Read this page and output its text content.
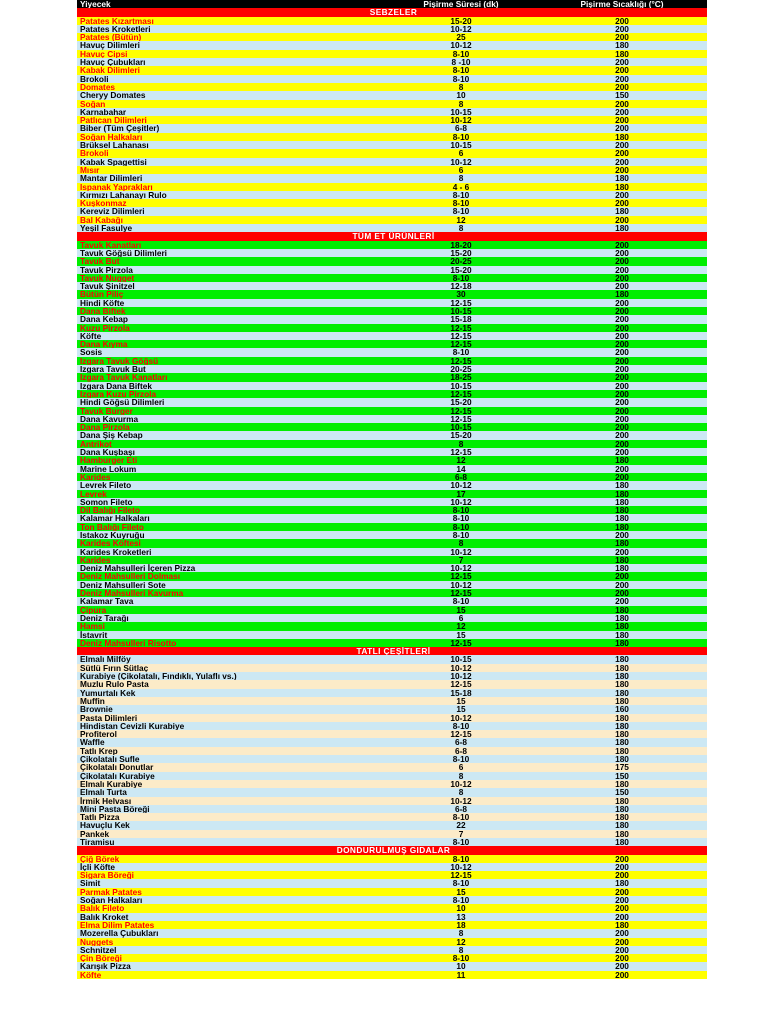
Yiyecek	Pişirme Süresi (dk)	Pişirme Sıcaklığı (°C)
SEBZELER		
Patates Kızartması	15-20	200
Patates Kroketleri	10-12	200
Patates (Bütün)	25	200
Havuç Dilimleri	10-12	180
Havuç Cipsi	8-10	180
Havuç Çubukları	8 -10	200
Kabak Dilimleri	8-10	200
Brokoli	8-10	200
Domates	8	200
Cheryy Domates	10	150
Soğan	8	200
Karnabahar	10-15	200
Patlıcan Dilimleri	10-12	200
Biber (Tüm Çeşitler)	6-8	200
Soğan Halkaları	8-10	180
Brüksel Lahanası	10-15	200
Brokoli	6	200
Kabak Spagettisi	10-12	200
Mısır	6	200
Mantar Dilimleri	8	180
Ispanak Yaprakları	4 - 6	180
Kırmızı Lahanayı Rulo	8-10	200
Kuşkonmaz	8-10	200
Kereviz Dilimleri	8-10	180
Bal Kabağı	12	200
Yeşil Fasulye	8	180
TÜM ET ÜRÜNLERİ		
Tavuk Kanatları	18-20	200
Tavuk Göğsü Dilimleri	15-20	200
Tavuk But	20-25	200
Tavuk Pirzola	15-20	200
Tavuk Nugget	8-10	200
Tavuk Şinitzel	12-18	200
Bütün Piliç	30	180
Hindi Köfte	12-15	200
Dana Biftek	10-15	200
Dana Kebap	15-18	200
Kuzu Pirzola	12-15	200
Köfte	12-15	200
Dana Kıyma	12-15	200
Sosis	8-10	200
Izgara Tavuk Göğsü	12-15	200
Izgara Tavuk But	20-25	200
Izgara Tavuk Kanatları	18-25	200
Izgara Dana Biftek	10-15	200
Izgara Kuzu Pirzola	12-15	200
Hindi Göğsü Dilimleri	15-20	200
Tavuk Burger	12-15	200
Dana Kavurma	12-15	200
Dana Pirzola	10-15	200
Dana Şiş Kebap	15-20	200
Antrikot	8	200
Dana Kuşbaşı	12-15	200
Hamburger Eti	12	180
Marine Lokum	14	200
Karides	6-8	200
Levrek Fileto	10-12	180
Levrek	17	180
Somon Fileto	10-12	180
Dil Balığı Fileto	8-10	180
Kalamar Halkaları	8-10	180
Ton Balığı Fileto	8-10	180
Istakoz Kuyruğu	8-10	200
Karides Köftesi	8	180
Karides Kroketleri	10-12	200
Karides	7	180
Deniz Mahsulleri İçeren Pizza	10-12	180
Deniz Mahsulleri Dolması	12-15	200
Deniz Mahsulleri Sote	10-12	200
Deniz Mahsulleri Kavurma	12-15	200
Kalamar Tava	8-10	200
Çipura	15	180
Deniz Tarağı	6	180
Hamsi	12	180
İstavrit	15	180
Deniz Mahsulleri Risotto	12-15	180
TATLI ÇEŞİTLERİ		
Elmalı Milföy	10-15	180
Sütlü Fırın Sütlaç	10-12	180
Kurabiye (Çikolatalı, Fındıklı, Yulaflı vs.)	10-12	180
Muzlu Rulo Pasta	12-15	180
Yumurtalı Kek	15-18	180
Muffin	15	180
Brownie	15	160
Pasta Dilimleri	10-12	180
Hindistan Cevizli Kurabiye	8-10	180
Profiterol	12-15	180
Waffle	6-8	180
Tatlı Krep	6-8	180
Çikolatalı Sufle	8-10	180
Çikolatalı Donutlar	6	175
Çikolatalı Kurabiye	8	150
Elmalı Kurabiye	10-12	180
Elmalı Turta	8	150
İrmik Helvası	10-12	180
Mini Pasta Böreği	6-8	180
Tatlı Pizza	8-10	180
Havuçlu Kek	22	180
Pankek	7	180
Tiramisu	8-10	180
DONDURULMUŞ GIDALAR		
Çiğ Börek	8-10	200
İçli Köfte	10-12	200
Sigara Böreği	12-15	200
Simit	8-10	180
Parmak Patates	15	200
Soğan Halkaları	8-10	200
Balık Fileto	10	200
Balık Kroket	13	200
Elma Dilim Patates	18	180
Mozerella Çubukları	8	200
Nuggets	12	200
Schnitzel	8	200
Çin Böreği	8-10	200
Karışık Pizza	10	200
Köfte	11	200
